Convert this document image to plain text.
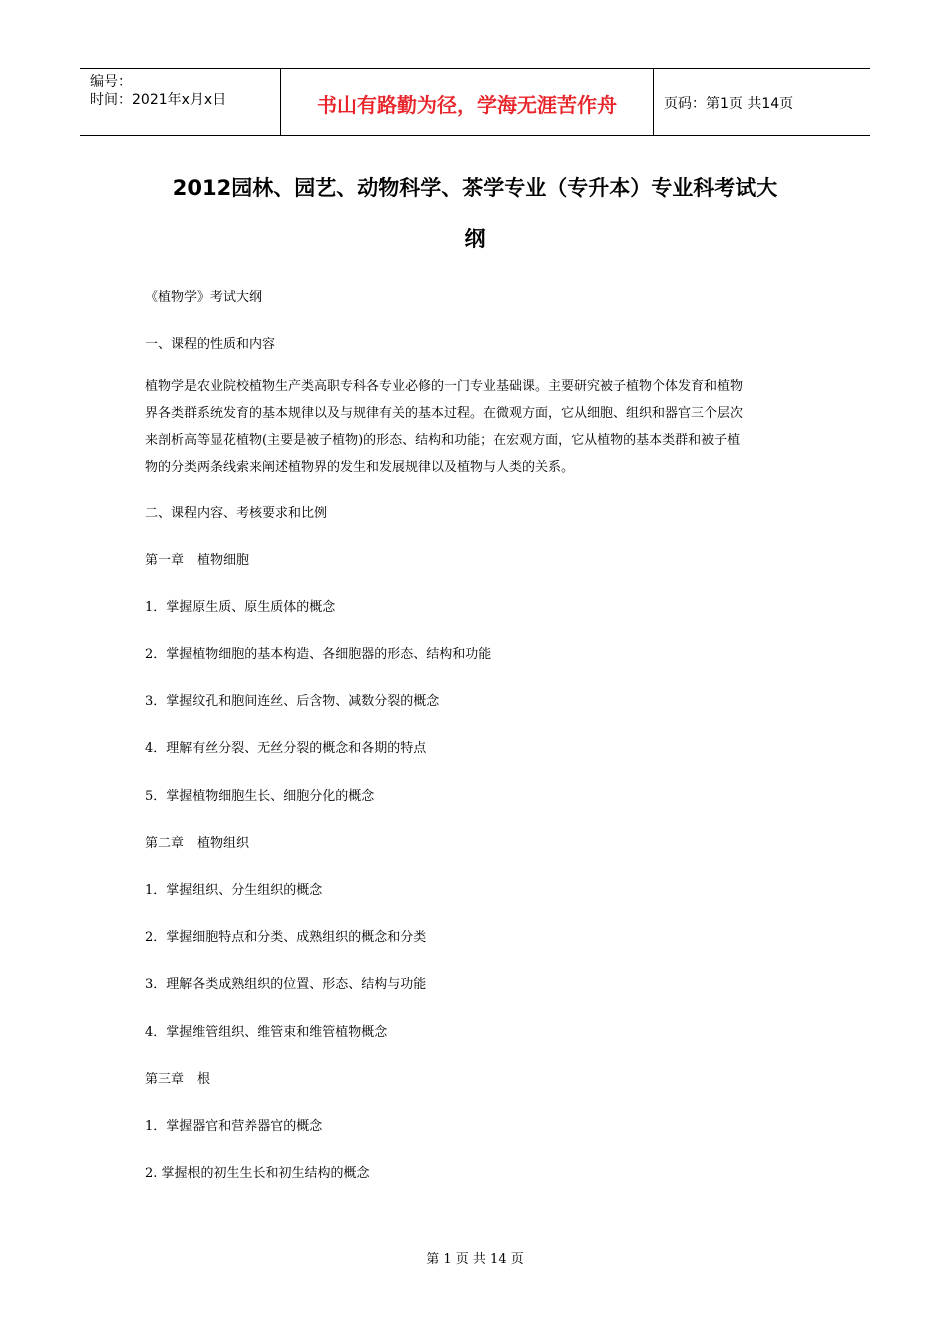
编号：
时间：2021年x月x日	书山有路勤为径，学海无涯苦作舟	页码：第1页 共14页
2012园林、园艺、动物科学、茶学专业（专升本）专业科考试大
纲
《植物学》考试大纲
一、课程的性质和内容
植物学是农业院校植物生产类高职专科各专业必修的一门专业基础课。主要研究被子植物个体发育和植物
界各类群系统发育的基本规律以及与规律有关的基本过程。在微观方面，它从细胞、组织和器官三个层次
来剖析高等显花植物(主要是被子植物)的形态、结构和功能；在宏观方面，它从植物的基本类群和被子植
物的分类两条线索来阐述植物界的发生和发展规律以及植物与人类的关系。
二、课程内容、考核要求和比例
第一章　植物细胞
1．掌握原生质、原生质体的概念
2．掌握植物细胞的基本构造、各细胞器的形态、结构和功能
3．掌握纹孔和胞间连丝、后含物、减数分裂的概念
4．理解有丝分裂、无丝分裂的概念和各期的特点
5．掌握植物细胞生长、细胞分化的概念
第二章　植物组织
1．掌握组织、分生组织的概念
2．掌握细胞特点和分类、成熟组织的概念和分类
3．理解各类成熟组织的位置、形态、结构与功能
4．掌握维管组织、维管束和维管植物概念
第三章　根
1．掌握器官和营养器官的概念
2. 掌握根的初生生长和初生结构的概念
第 1 页 共 14 页
